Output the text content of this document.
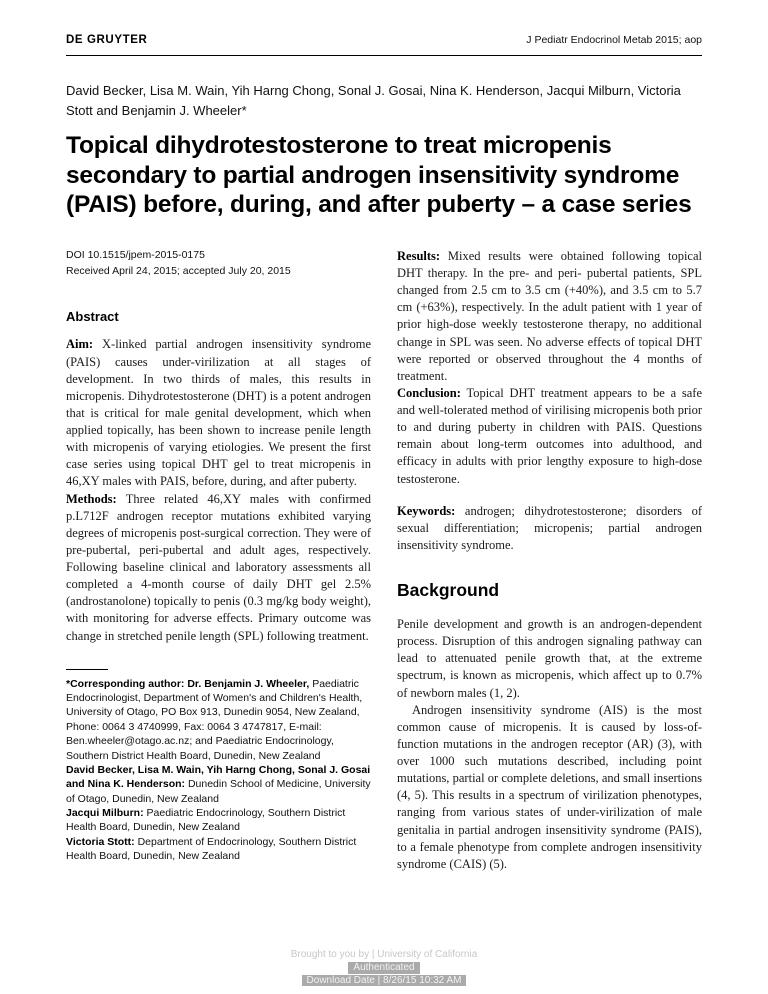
DE GRUYTER	J Pediatr Endocrinol Metab 2015; aop
David Becker, Lisa M. Wain, Yih Harng Chong, Sonal J. Gosai, Nina K. Henderson, Jacqui Milburn, Victoria Stott and Benjamin J. Wheeler*
Topical dihydrotestosterone to treat micropenis secondary to partial androgen insensitivity syndrome (PAIS) before, during, and after puberty – a case series
DOI 10.1515/jpem-2015-0175
Received April 24, 2015; accepted July 20, 2015
Abstract

Aim: X-linked partial androgen insensitivity syndrome (PAIS) causes under-virilization at all stages of development. In two thirds of males, this results in micropenis. Dihydrotestosterone (DHT) is a potent androgen that is critical for male genital development, which when applied topically, has been shown to increase penile length with micropenis of varying etiologies. We present the first case series using topical DHT gel to treat micropenis in 46,XY males with PAIS, before, during, and after puberty.

Methods: Three related 46,XY males with confirmed p.L712F androgen receptor mutations exhibited varying degrees of micropenis post-surgical correction. They were of pre-pubertal, peri-pubertal and adult ages, respectively. Following baseline clinical and laboratory assessments all completed a 4-month course of daily DHT gel 2.5% (androstanolone) topically to penis (0.3 mg/kg body weight), with monitoring for adverse effects. Primary outcome was change in stretched penile length (SPL) following treatment.

*Corresponding author: Dr. Benjamin J. Wheeler, Paediatric Endocrinologist, Department of Women's and Children's Health, University of Otago, PO Box 913, Dunedin 9054, New Zealand, Phone: 0064 3 4740999, Fax: 0064 3 4747817, E-mail: Ben.wheeler@otago.ac.nz; and Paediatric Endocrinology, Southern District Health Board, Dunedin, New Zealand

David Becker, Lisa M. Wain, Yih Harng Chong, Sonal J. Gosai and Nina K. Henderson: Dunedin School of Medicine, University of Otago, Dunedin, New Zealand

Jacqui Milburn: Paediatric Endocrinology, Southern District Health Board, Dunedin, New Zealand

Victoria Stott: Department of Endocrinology, Southern District Health Board, Dunedin, New Zealand

Results: Mixed results were obtained following topical DHT therapy. In the pre- and peri- pubertal patients, SPL changed from 2.5 cm to 3.5 cm (+40%), and 3.5 cm to 5.7 cm (+63%), respectively. In the adult patient with 1 year of prior high-dose weekly testosterone therapy, no additional change in SPL was seen. No adverse effects of topical DHT were reported or observed throughout the 4 months of treatment.

Conclusion: Topical DHT treatment appears to be a safe and well-tolerated method of virilising micropenis both prior to and during puberty in children with PAIS. Questions remain about long-term outcomes into adulthood, and efficacy in adults with prior lengthy exposure to high-dose testosterone.

Keywords: androgen; dihydrotestosterone; disorders of sexual differentiation; micropenis; partial androgen insensitivity syndrome.

Background

Penile development and growth is an androgen-dependent process. Disruption of this androgen signaling pathway can lead to attenuated penile growth that, at the extreme spectrum, is known as micropenis, which affect up to 0.7% of newborn males (1, 2).

Androgen insensitivity syndrome (AIS) is the most common cause of micropenis. It is caused by loss-of-function mutations in the androgen receptor (AR) (3), with over 1000 such mutations described, including point mutations, partial or complete deletions, and small insertions (4, 5). This results in a spectrum of virilization phenotypes, ranging from various states of under-virilization of male genitalia in partial androgen insensitivity syndrome (PAIS), to a female phenotype from complete androgen insensitivity syndrome (CAIS) (5).

Brought to you by | University of California
Authenticated
Download Date | 8/26/15 10:32 AM
